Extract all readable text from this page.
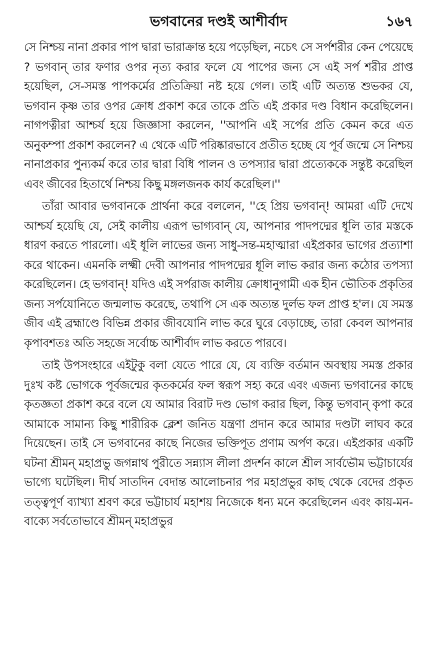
ভগবানের দণ্ডই আশীর্বাদ	১৬৭

সে নিশ্চয় নানা প্রকার পাপ দ্বারা ভারাক্রান্ত হয়ে পড়েছিল, নচেৎ সে সর্পশরীর কেন পেয়েছে ? ভগবান্‌ তার ফণার ওপর নৃত্য করার ফলে যে পাপের জন্য সে এই সর্প শরীর প্রাপ্ত হয়েছিল, সে-সমস্ত পাপকর্মের প্রতিক্রিয়া নষ্ট হয়ে গেল। তাই এটি অত্যন্ত শুভকর যে, ভগবান কৃষ্ণ তার ওপর ক্রোধ প্রকাশ করে তাকে প্রতি এই প্রকার দণ্ড বিধান করেছিলেন। নাগপত্নীরা আশ্চর্য হয়ে জিজ্ঞাসা করলেন, ''আপনি এই সর্পের প্রতি কেমন করে এত অনুকম্পা প্রকাশ করলেন? এ থেকে এটি পরিষ্কারভাবে প্রতীত হচ্ছে যে পূর্ব জন্মে সে নিশ্চয় নানাপ্রকার পুন্যকর্ম করে তার দ্বারা বিধি পালন ও তপস্যার দ্বারা প্রত্যেককে সন্তুষ্ট করেছিল এবং জীবের হিতার্থে নিশ্চয় কিছু মঙ্গলজনক কার্য করেছিল।''

তাঁরা আবার ভগবানকে প্রার্থনা করে বললেন, ''হে প্রিয় ভগবান্‌! আমরা এটি দেখে আশ্চর্য হয়েছি যে, সেই কালীয় এরূপ ভাগ্যবান্‌ যে, আপনার পাদপদ্মের ধূলি তার মস্তকে ধারণ করতে পারলো। এই ধূলি লাভের জন্য সাধু-সন্ত-মহাত্মারা এইপ্রকার ভাগের প্রত্যাশা করে থাকেন। এমনকি লক্ষ্মী দেবী আপনার পাদপদ্মের ধূলি লাভ করার জন্য কঠোর তপস্যা করেছিলেন। হে ভগবান্‌! যদিও এই সর্পরাজ কালীয় ক্রোধানুগামী এক হীন ভৌতিক প্রকৃতির জন্য সর্পযোনিতে জন্মলাভ করেছে, তথাপি সে এক অত্যন্ত দুর্লভ ফল প্রাপ্ত হ'ল। যে সমস্ত জীব এই ব্রহ্মাণ্ডে বিভিন্ন প্রকার জীবযোনি লাভ করে ঘুরে বেড়াচ্ছে, তারা কেবল আপনার কৃপাবশতঃ অতি সহজে সর্বোচ্চ আশীর্বাদ লাভ করতে পারবে।

তাই উপসংহারে এইটুকু বলা যেতে পারে যে, যে ব্যক্তি বর্তমান অবস্থায় সমস্ত প্রকার দুঃখ কষ্ট ভোগকে পূর্বজন্মের কৃতকর্মের ফল স্বরূপ সহ্য করে এবং এজন্য ভগবানের কাছে কৃতজ্ঞতা প্রকাশ করে বলে যে আমার বিরাট দণ্ড ভোগ করার ছিল, কিন্তু ভগবান্‌ কৃপা করে আমাকে সামান্য কিছু শারীরিক ক্লেশ জনিত যন্ত্রণা প্রদান করে আমার দণ্ডটা লাঘব করে দিয়েছেন। তাই সে ভগবানের কাছে নিজের ভক্তিপূত প্রণাম অর্পণ করে। এইপ্রকার একটি ঘটনা শ্রীমন্‌ মহাপ্রভু জগন্নাথ পুরীতে সন্ন্যাস লীলা প্রদর্শন কালে শ্রীল সার্বভৌম ভট্টাচার্যের ভাগ্যে ঘটেছিল। দীর্ঘ সাতদিন বেদান্ত আলোচনার পর মহাপ্রভুর কাছ থেকে বেদের প্রকৃত তত্ত্বপূর্ণ ব্যাখ্যা শ্রবণ করে ভট্টাচার্য মহাশয় নিজেকে ধন্য মনে করেছিলেন এবং কায়-মন-বাক্যে সর্বতোভাবে শ্রীমন্‌ মহাপ্রভুর
